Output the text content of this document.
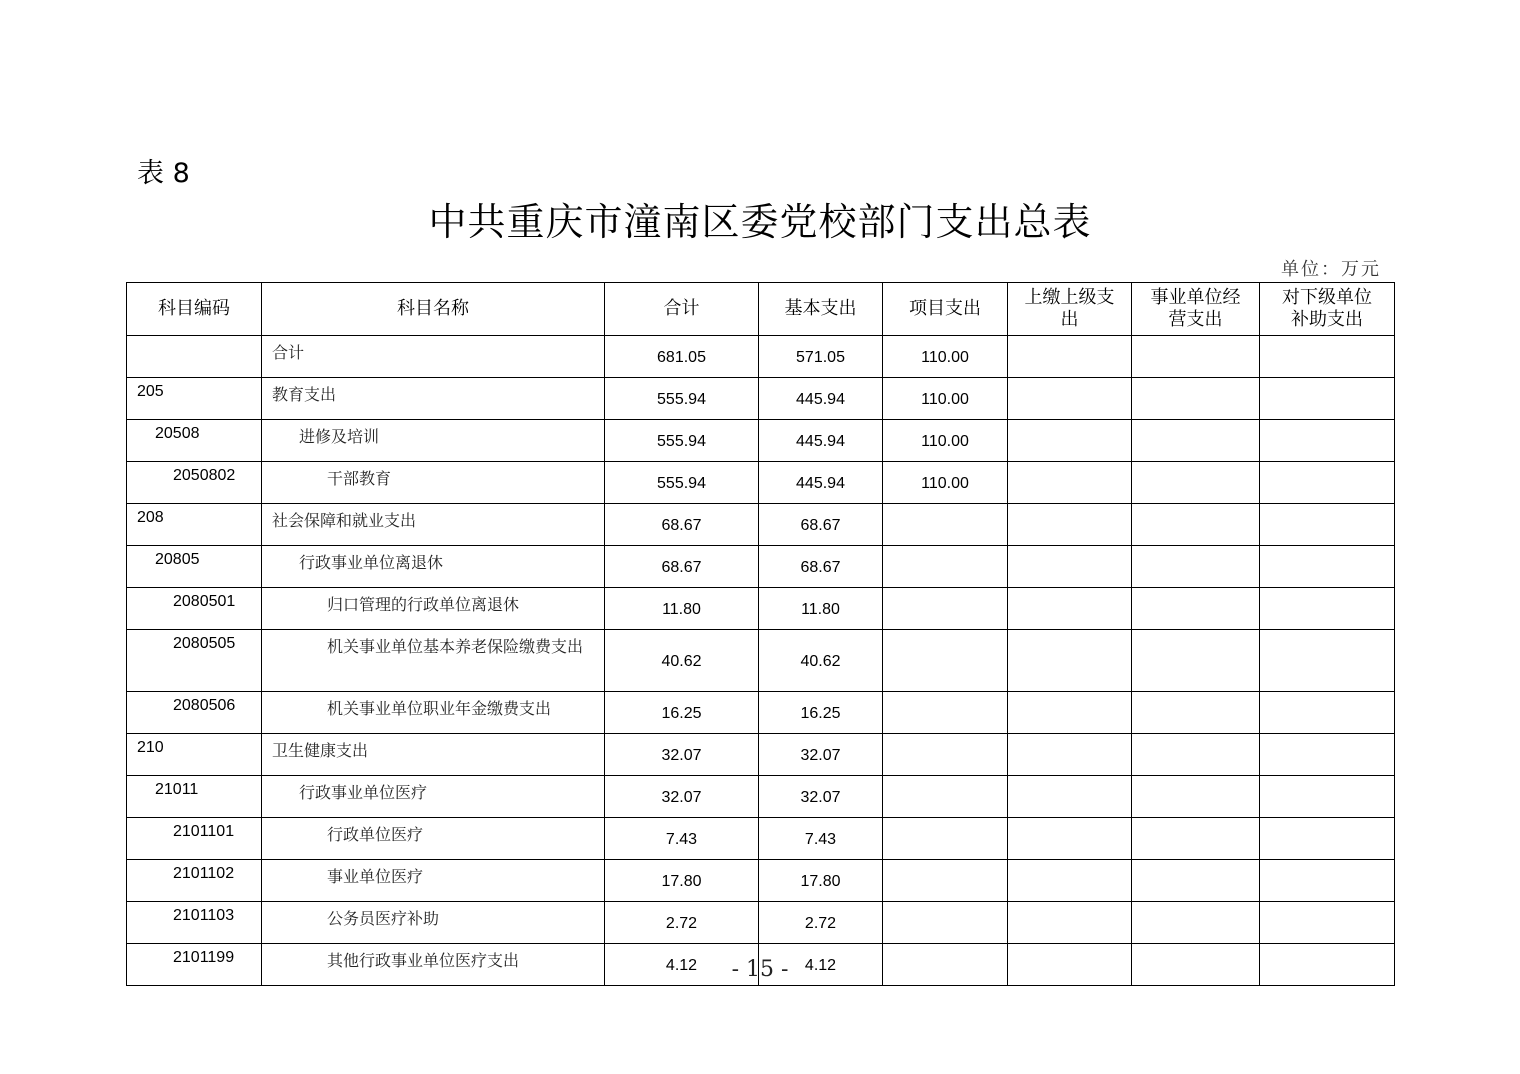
表 8
中共重庆市潼南区委党校部门支出总表
单位：万元
科目编码	科目名称	合计	基本支出	项目支出	上缴上级支出	事业单位经营支出	对下级单位补助支出
	合计	681.05	571.05	110.00			
205	教育支出	555.94	445.94	110.00			
20508	进修及培训	555.94	445.94	110.00			
2050802	干部教育	555.94	445.94	110.00			
208	社会保障和就业支出	68.67	68.67				
20805	行政事业单位离退休	68.67	68.67				
2080501	归口管理的行政单位离退休	11.80	11.80				
2080505	机关事业单位基本养老保险缴费支出	40.62	40.62				
2080506	机关事业单位职业年金缴费支出	16.25	16.25				
210	卫生健康支出	32.07	32.07				
21011	行政事业单位医疗	32.07	32.07				
2101101	行政单位医疗	7.43	7.43				
2101102	事业单位医疗	17.80	17.80				
2101103	公务员医疗补助	2.72	2.72				
2101199	其他行政事业单位医疗支出	4.12	4.12				
- 15 -
